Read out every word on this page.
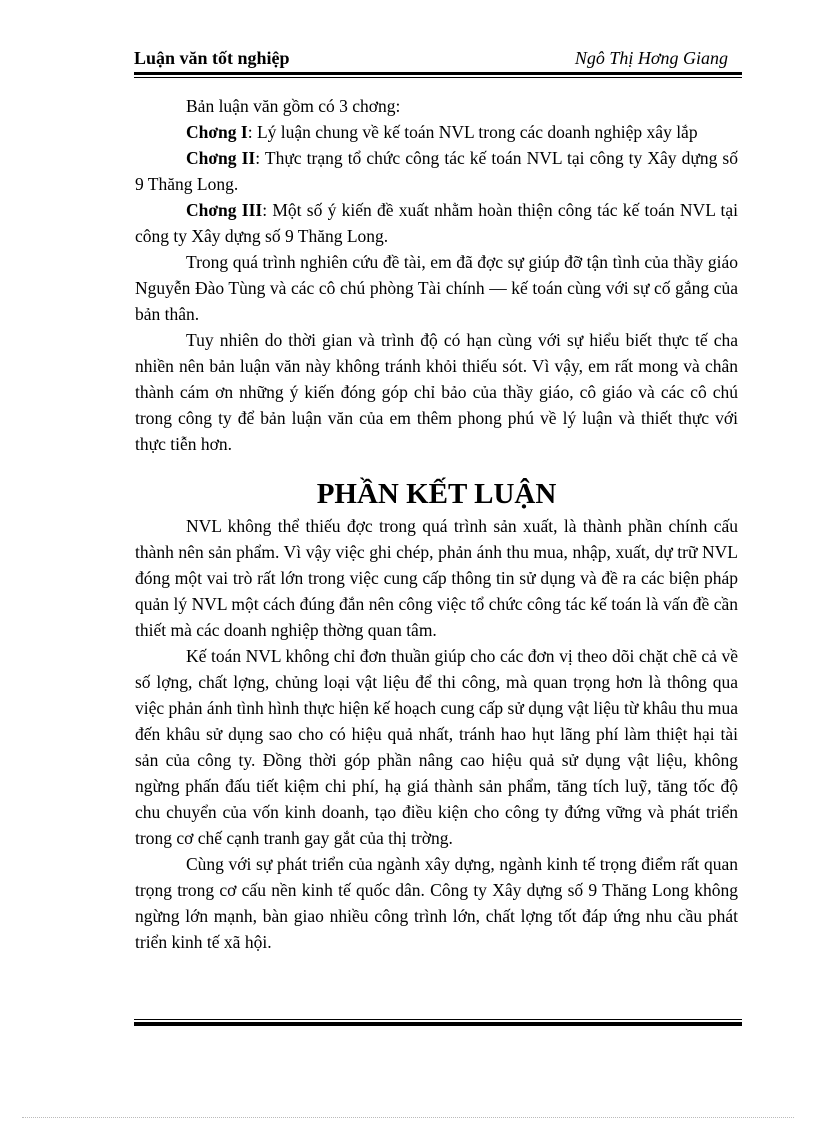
Luận văn tốt nghiệp	Ngô Thị Hơng Giang

Bản luận văn gồm có 3 chơng:

Chơng I: Lý luận chung về kế toán NVL trong các doanh nghiệp xây lắp

Chơng II: Thực trạng tổ chức công tác kế toán NVL tại công ty Xây dựng số 9 Thăng Long.

Chơng III: Một số ý kiến đề xuất nhằm hoàn thiện công tác kế toán NVL tại công ty Xây dựng số 9 Thăng Long.

Trong quá trình nghiên cứu đề tài, em đã đợc sự giúp đỡ tận tình của thầy giáo Nguyễn Đào Tùng và các cô chú phòng Tài chính — kế toán cùng với sự cố gắng của bản thân.

Tuy nhiên do thời gian và trình độ có hạn cùng với sự hiểu biết thực tế cha nhiền nên bản luận văn này không tránh khỏi thiếu sót. Vì vậy, em rất mong và chân thành cám ơn những ý kiến đóng góp chỉ bảo của thầy giáo, cô giáo và các cô chú trong công ty để bản luận văn của em thêm phong phú về lý luận và thiết thực với thực tiễn hơn.

PHẦN KẾT LUẬN

NVL không thể thiếu đợc trong quá trình sản xuất, là thành phần chính cấu thành nên sản phẩm. Vì vậy việc ghi chép, phản ánh thu mua, nhập, xuất, dự trữ NVL đóng một vai trò rất lớn trong việc cung cấp thông tin sử dụng và đề ra các biện pháp quản lý NVL một cách đúng đắn nên công việc tổ chức công tác kế toán là vấn đề cần thiết mà các doanh nghiệp thờng quan tâm.

Kế toán NVL không chỉ đơn thuần giúp cho các đơn vị theo dõi chặt chẽ cả về số lợng, chất lợng, chủng loại vật liệu để thi công, mà quan trọng hơn là thông qua việc phản ánh tình hình thực hiện kế hoạch cung cấp sử dụng vật liệu từ khâu thu mua đến khâu sử dụng sao cho có hiệu quả nhất, tránh hao hụt lãng phí làm thiệt hại tài sản của công ty. Đồng thời góp phần nâng cao hiệu quả sử dụng vật liệu, không ngừng phấn đấu tiết kiệm chi phí, hạ giá thành sản phẩm, tăng tích luỹ, tăng tốc độ chu chuyển của vốn kinh doanh, tạo điều kiện cho công ty đứng vững và phát triển trong cơ chế cạnh tranh gay gắt của thị trờng.

Cùng với sự phát triển của ngành xây dựng, ngành kinh tế trọng điểm rất quan trọng trong cơ cấu nền kinh tế quốc dân. Công ty Xây dựng số 9 Thăng Long không ngừng lớn mạnh, bàn giao nhiều công trình lớn, chất lợng tốt đáp ứng nhu cầu phát triển kinh tế xã hội.
